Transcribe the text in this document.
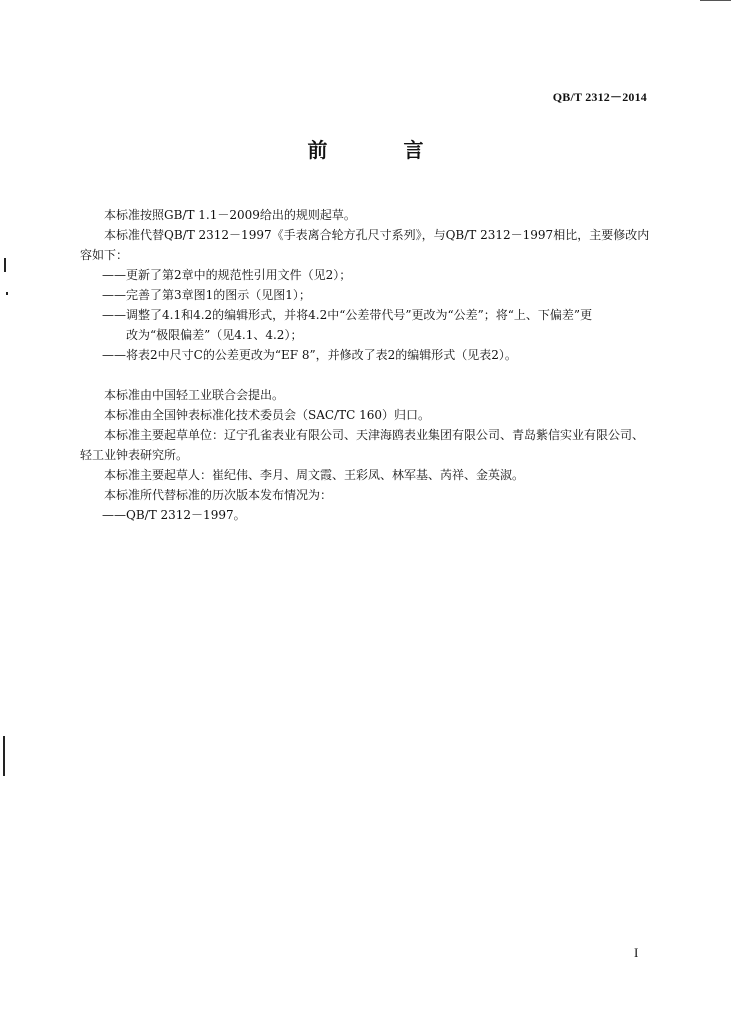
QB/T 2312－2014
前　言

本标准按照GB/T 1.1－2009给出的规则起草。

本标准代替QB/T 2312－1997《手表离合轮方孔尺寸系列》，与QB/T 2312－1997相比，主要修改内容如下：

——更新了第2章中的规范性引用文件（见2）；

——完善了第3章图1的图示（见图1）；

——调整了4.1和4.2的编辑形式，并将4.2中“公差带代号”更改为“公差”；将“上、下偏差”更

改为“极限偏差”（见4.1、4.2）；

——将表2中尺寸C的公差更改为“EF 8”，并修改了表2的编辑形式（见表2）。

本标准由中国轻工业联合会提出。

本标准由全国钟表标准化技术委员会（SAC/TC 160）归口。

本标准主要起草单位：辽宁孔雀表业有限公司、天津海鸥表业集团有限公司、青岛紫信实业有限公司、轻工业钟表研究所。

本标准主要起草人：崔纪伟、李月、周文霞、王彩凤、林军基、芮祥、金英淑。

本标准所代替标准的历次版本发布情况为：

——QB/T 2312－1997。

I
